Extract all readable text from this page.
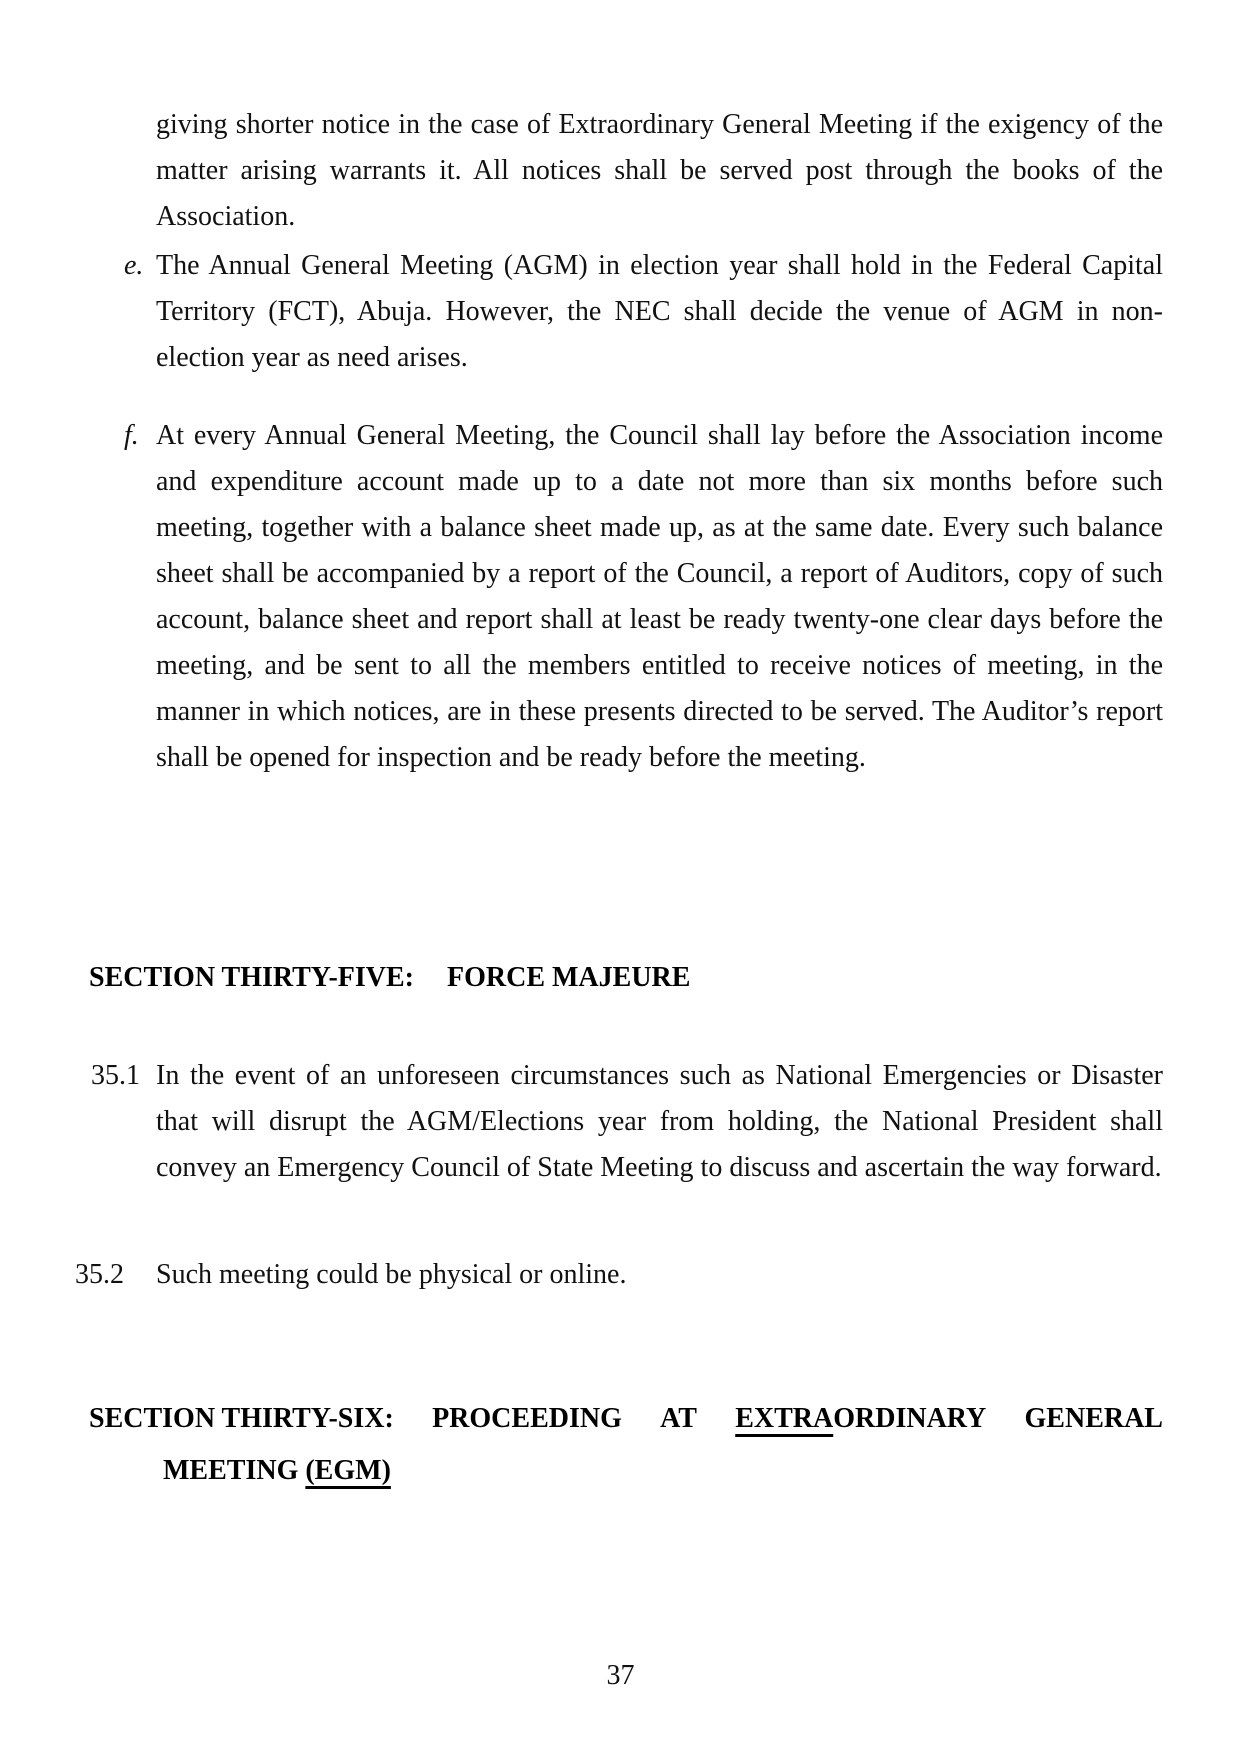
giving shorter notice in the case of Extraordinary General Meeting if the exigency of the matter arising warrants it. All notices shall be served post through the books of the Association.

e. The Annual General Meeting (AGM) in election year shall hold in the Federal Capital Territory (FCT), Abuja. However, the NEC shall decide the venue of AGM in non-election year as need arises.

f. At every Annual General Meeting, the Council shall lay before the Association income and expenditure account made up to a date not more than six months before such meeting, together with a balance sheet made up, as at the same date. Every such balance sheet shall be accompanied by a report of the Council, a report of Auditors, copy of such account, balance sheet and report shall at least be ready twenty-one clear days before the meeting, and be sent to all the members entitled to receive notices of meeting, in the manner in which notices, are in these presents directed to be served. The Auditor’s report shall be opened for inspection and be ready before the meeting.

SECTION THIRTY-FIVE: FORCE MAJEURE
35.1 In the event of an unforeseen circumstances such as National Emergencies or Disaster that will disrupt the AGM/Elections year from holding, the National President shall convey an Emergency Council of State Meeting to discuss and ascertain the way forward.

35.2 Such meeting could be physical or online.

SECTION THIRTY-SIX: PROCEEDING AT EXTRAORDINARY GENERAL
MEETING (EGM)
37
